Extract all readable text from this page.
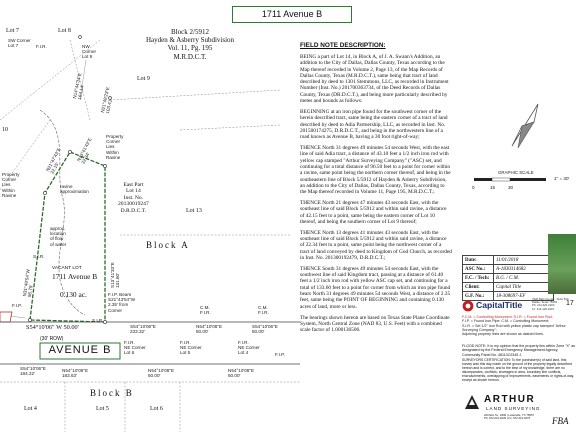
1711 Avenue B
Block 2/5912
Hayden & Asberry Subdivision
Vol. 11, Pg. 195
M.R.D.C.T.
Lot 7	Lot 8
Lot 9
Lot 13
10
SW Corner
Lot 7	F.I.R.	NW
Corner
Lot 9
N14°44'34"E
164.14'	N21°49'23"E
103.41'
N21°47'43"E
22.15'
N13°41'43"E
22.34'
Property
Corner
Lies
Within
Ravine
Property
Corner
Lies
Within
Ravine
ravine
approximation
approx.
location
of flow
of water
S.I.R.
East Part
Lot 14
Inst. No.
20130019247
D.R.D.C.T.
N31°49'54"W
96.79'
S13°41'33"E
131.60'
VACANT LOT
1711 Avenue B
0.130 ac.
Block A
F.I.P. Bears
S21°43'54"W
2.35' from
Corner
S.I.R.
F.I.P.	C.M.
F.I.R.
C.M.
F.I.R.
S54°10'06" W 50.00'	S54°10'06"E
233.32'
N54°10'06"E
50.00'
S54°10'06"E
50.00'
(30' ROW)
AVENUE B
F.I.R.
NE Corner
Lot 6
F.I.R.
NE Corner
Lot 5
F.I.R.
NE Corner
Lot 4	F.I.P.
S54°10'06"E
184.22'
N54°10'06"E
183.63'
N54°10'06"E
50.00'
N54°10'06"E
50.00'
Block B
Lot 4	Lot 5	Lot 6
FIELD NOTE DESCRIPTION:

BEING a part of Lot 14, in Block A, of J. A. Swann's Addition, an addition to the City of Dallas, Dallas County, Texas according to the Map thereof recorded in Volume 2, Page 13, of the Map Records of Dallas County, Texas (M.R.D.C.T.), same being that tract of land described by deed to 1301 Stemmons, LLC, as recorded in Instrument Number (Inst. No.) 201700363734, of the Deed Records of Dallas County, Texas (DR.D.C.T.), and being more particularly described by metes and bounds as follows:

BEGINNING at an iron pipe found for the southwest corner of the herein described tract, same being the eastern corner of a tract of land described by deed to Adia Partnership, LLC, as recorded in Inst. No. 201500174275, D.R.D.C.T., and being in the northwestern line of a road known as Avenue B, having a 30 foot right-of-way;

THENCE North 31 degrees 49 minutes 54 seconds West, with the east line of said Adia tract, a distance of 43.10 feet a 1/2 inch iron rod with yellow cap stamped "Arthur Surveying Company" ("ASC) set, and continuing for a total distance of 96.50 feet to a point for corner within a ravine, same point being the northern corner thereof, and being in the southeastern line of Block 5/5912 of Hayden & Asberry Subdivision, an addition to the City of Dallas, Dallas County, Texas, according to the Map thereof recorded in Volume 11, Page 195, M.R.D.C.T.;

THENCE North 21 degrees 47 minutes 43 seconds East, with the southeast line of said Block 5/5912 and within said ravine, a distance of 42.15 feet to a point, same being the eastern corner of Lot 10 thereof, and being the southern corner of Lot 9 thereof;

THENCE North 13 degrees 41 minutes 43 seconds East, with the southeast line of said Block 5/5912 and within said ravine, a distance of 22.34 feet to a point, same point being the northwest corner of a tract of land conveyed by deed to Kingdom of God Church, as recorded in Inst. No. 201300192479, D.R.D.C.T.;

THENCE South 31 degrees 49 minutes 54 seconds East, with the southwest line of said Kingdom tract, passing at a distance of 61.40 feet a 1/2 inch iron rod with yellow ASC cap set, and continuing for a total of 133.60 feet to a point for corner from which an iron pipe found bears North 31 degrees 49 minutes 54 seconds West, a distance of 2.35 feet, same being the POINT OF BEGINNING and containing 0.130 acres of land, more or less.

The bearings shown hereon are based on Texas State Plane Coordinate System, North Central Zone (NAD 83, U.S. Feet) with a combined scale factor of 1.000136506.

GRAPHIC SCALE
0	15	30
1" = 30'
Date:	11/01/2018
ASC No.:	A-1830314682
F.C. / Tech:	B.G. / C.M.
Client:	Capital Title
G.F. No.:	18-308697-EF
CapitalTitle
7920 Belt Line Rd., Suite 530
Dallas, Texas 75254
Ph: 214-420-2200
Fx: 214-420-2215
17
F.C.M. = Controlling Monument; S.I.R. = Found Iron Rod;
F.I.P. = Found Iron Pipe; C.M. = Controlling Monument;
S.I.R. = Set 1/2" Iron Rod with yellow plastic cap stamped "Arthur Surveying Company";
Adjoining property lines are shown as dashed lines.
FLOOD NOTE: It is my opinion that the property lies within Zone "X" as designated by the Federal Emergency Management Agency, Community Panel No. 48113C0345 J.
SURVEYORS CERTIFICATION: To the purchaser(s) of said land, this survey was this day made on the ground of the property legally described hereon and is correct, and to the best of my knowledge, there are no discrepancies, conflicts, shortages in area, boundary line conflicts, encroachments, overlapping of improvements, easements or rights-of-way, except as shown hereon.
ARTHUR
LAND SURVEYING
220 Elm St., #200 | Lewisville, TX 75057
Ph: 972.221.9439 | Fx: 972.221.4675	FBA
